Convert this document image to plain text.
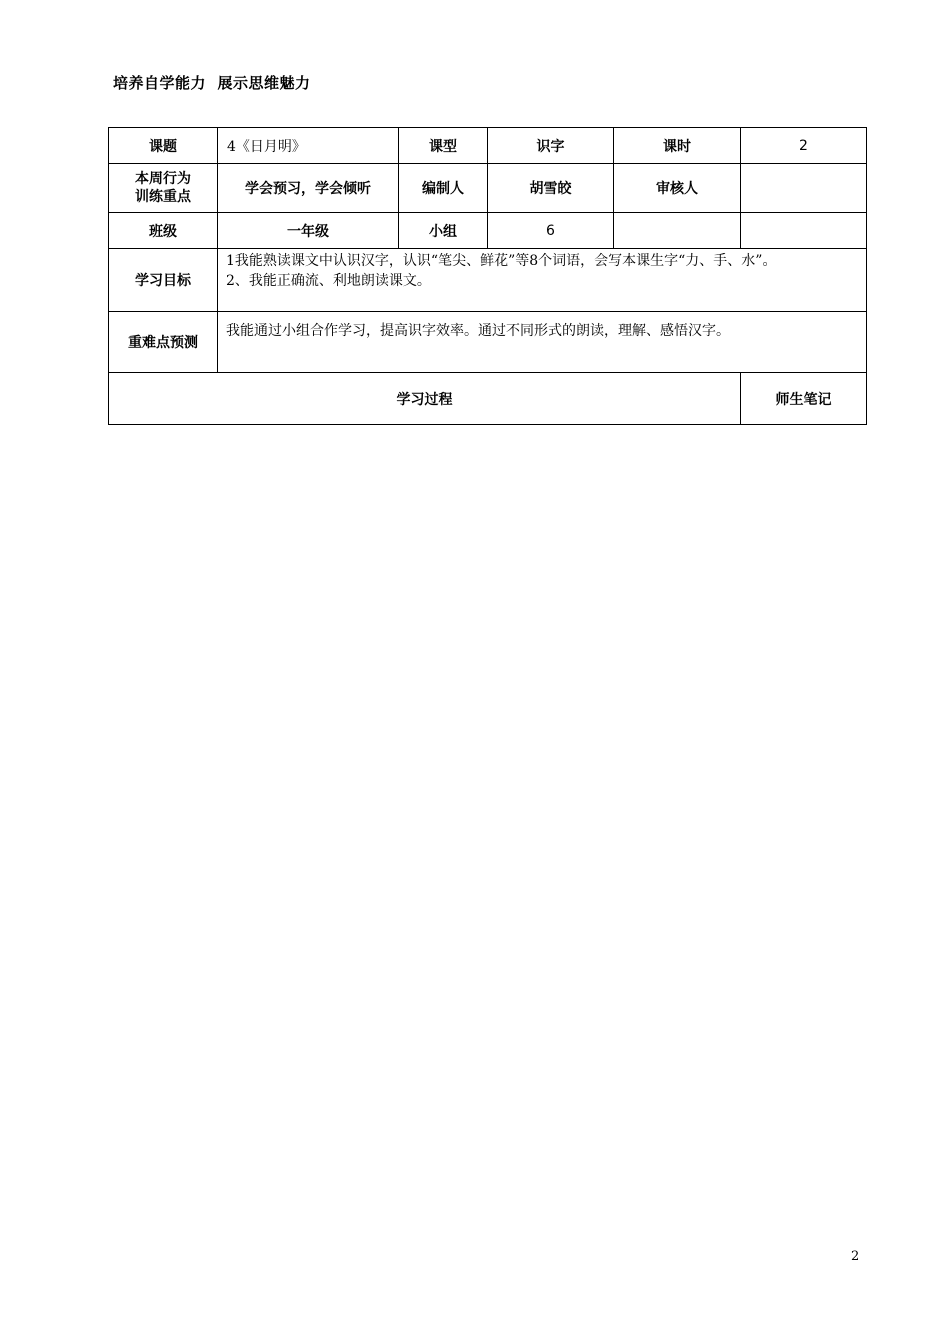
培养自学能力  展示思维魅力
课题	4《日月明》	课型	识字	课时	2

本周行为
训练重点	学会预习，学会倾听	编制人	胡雪皎	审核人	
班级	一年级	小组	6		
学习目标	1我能熟读课文中认识汉字，认识“笔尖、鲜花”等8个词语，会写本课生字“力、手、水”。
2、我能正确流、利地朗读课文。				

重难点预测	我能通过小组合作学习，提高识字效率。通过不同形式的朗读，理解、感悟汉字。				
学习过程					师生笔记
2
